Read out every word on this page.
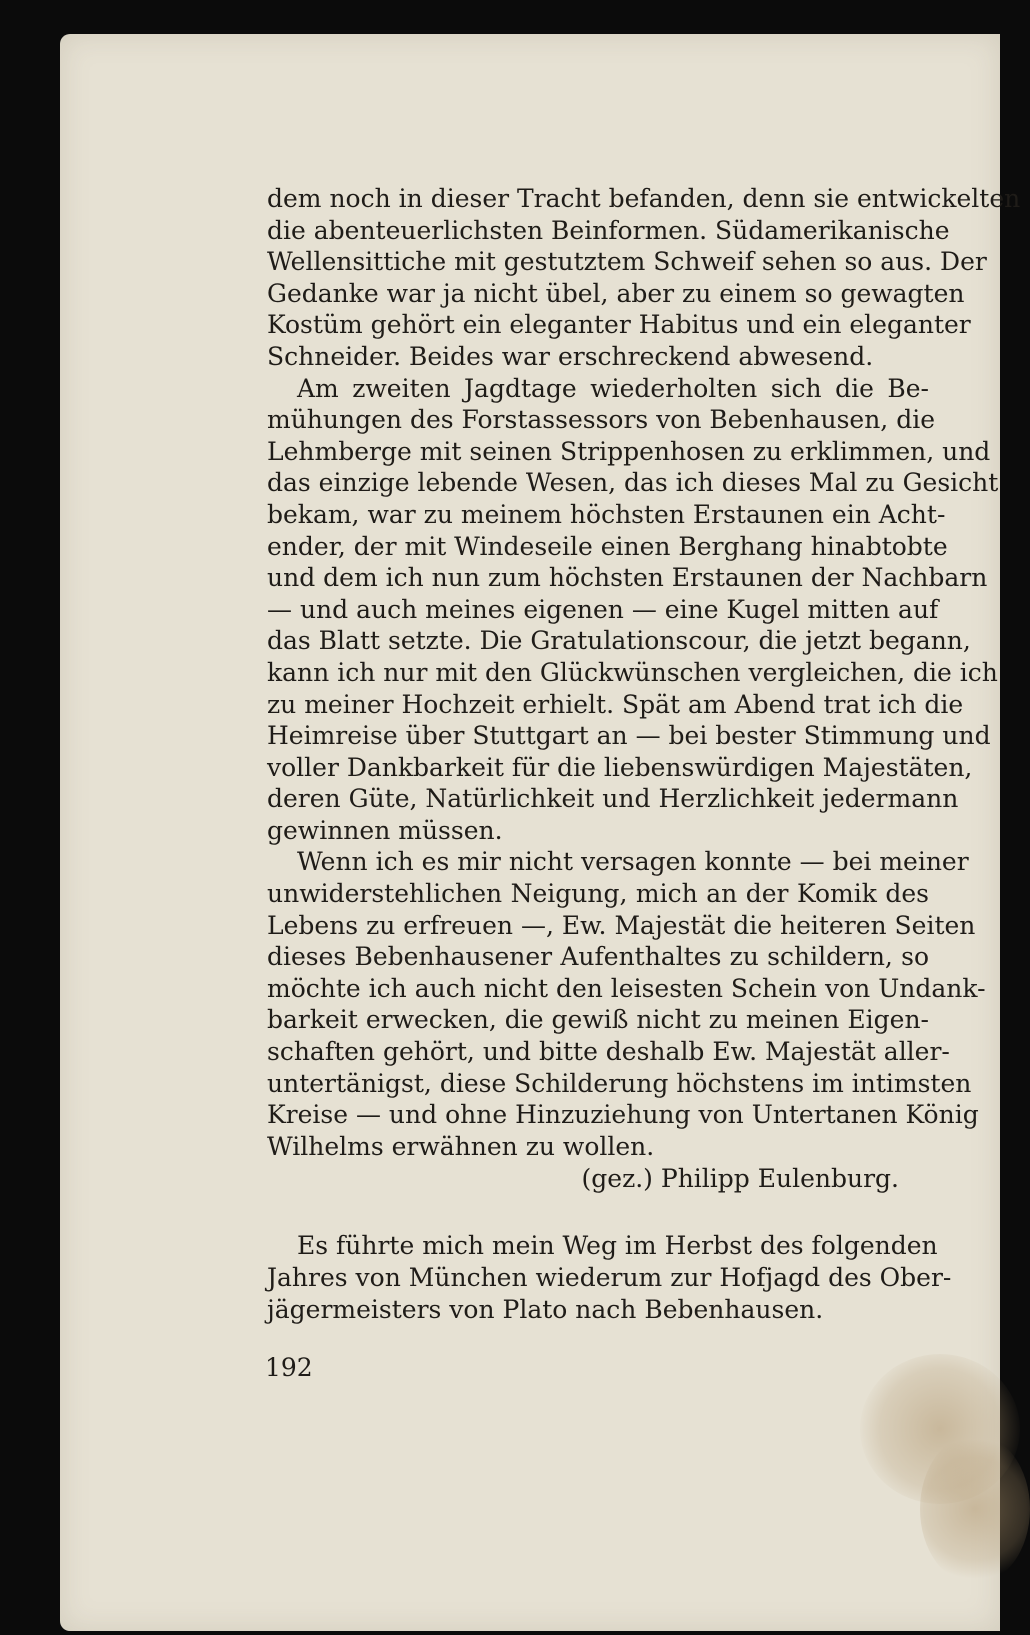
dem noch in dieser Tracht befanden, denn sie entwickelten
die abenteuerlichsten Beinformen. Südamerikanische
Wellensittiche mit gestutztem Schweif sehen so aus. Der
Gedanke war ja nicht übel, aber zu einem so gewagten
Kostüm gehört ein eleganter Habitus und ein eleganter
Schneider. Beides war erschreckend abwesend.
Am zweiten Jagdtage wiederholten sich die Be-
mühungen des Forstassessors von Bebenhausen, die
Lehmberge mit seinen Strippenhosen zu erklimmen, und
das einzige lebende Wesen, das ich dieses Mal zu Gesicht
bekam, war zu meinem höchsten Erstaunen ein Acht-
ender, der mit Windeseile einen Berghang hinabtobte
und dem ich nun zum höchsten Erstaunen der Nachbarn
— und auch meines eigenen — eine Kugel mitten auf
das Blatt setzte. Die Gratulationscour, die jetzt begann,
kann ich nur mit den Glückwünschen vergleichen, die ich
zu meiner Hochzeit erhielt. Spät am Abend trat ich die
Heimreise über Stuttgart an — bei bester Stimmung und
voller Dankbarkeit für die liebenswürdigen Majestäten,
deren Güte, Natürlichkeit und Herzlichkeit jedermann
gewinnen müssen.
Wenn ich es mir nicht versagen konnte — bei meiner
unwiderstehlichen Neigung, mich an der Komik des
Lebens zu erfreuen —, Ew. Majestät die heiteren Seiten
dieses Bebenhausener Aufenthaltes zu schildern, so
möchte ich auch nicht den leisesten Schein von Undank-
barkeit erwecken, die gewiß nicht zu meinen Eigen-
schaften gehört, und bitte deshalb Ew. Majestät aller-
untertänigst, diese Schilderung höchstens im intimsten
Kreise — und ohne Hinzuziehung von Untertanen König
Wilhelms erwähnen zu wollen.
(gez.) Philipp Eulenburg.
Es führte mich mein Weg im Herbst des folgenden
Jahres von München wiederum zur Hofjagd des Ober-
jägermeisters von Plato nach Bebenhausen.
192
